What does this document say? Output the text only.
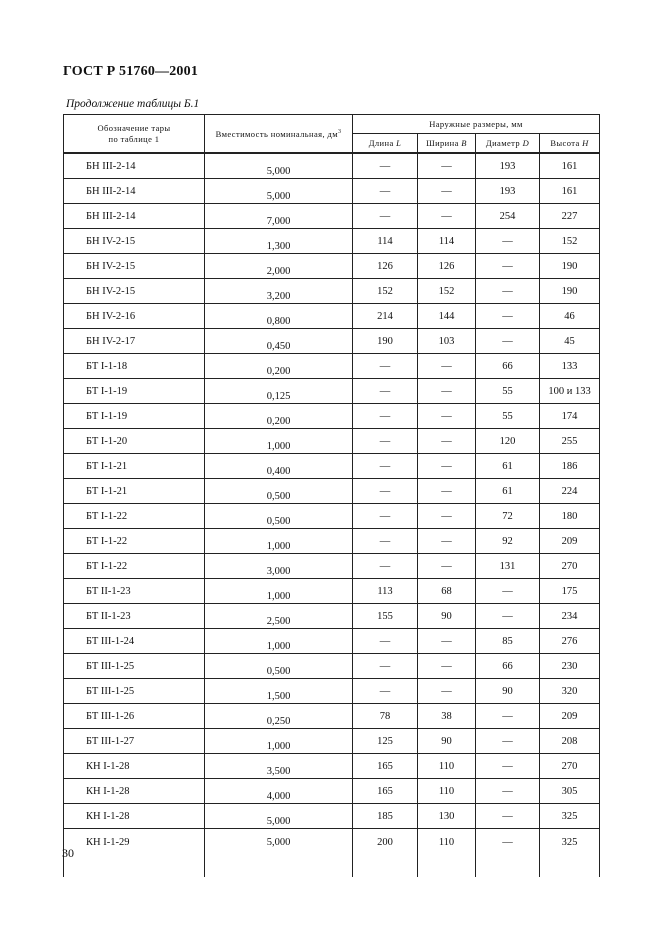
ГОСТ Р 51760—2001
Продолжение таблицы Б.1
Обозначение тары
по таблице 1	Вместимость номинальная, $дм^3$	Наружные размеры, мм			
		Длина L	Ширина B	Диаметр D	Высота H
БН III-2-14	5,000	—	—	193	161
БН III-2-14	5,000	—	—	193	161
БН III-2-14	7,000	—	—	254	227
БН IV-2-15	1,300	114	114	—	152
БН IV-2-15	2,000	126	126	—	190
БН IV-2-15	3,200	152	152	—	190
БН IV-2-16	0,800	214	144	—	46
БН IV-2-17	0,450	190	103	—	45
БТ I-1-18	0,200	—	—	66	133
БТ I-1-19	0,125	—	—	55	100 и 133
БТ I-1-19	0,200	—	—	55	174
БТ I-1-20	1,000	—	—	120	255
БТ I-1-21	0,400	—	—	61	186
БТ I-1-21	0,500	—	—	61	224
БТ I-1-22	0,500	—	—	72	180
БТ I-1-22	1,000	—	—	92	209
БТ I-1-22	3,000	—	—	131	270
БТ II-1-23	1,000	113	68	—	175
БТ II-1-23	2,500	155	90	—	234
БТ III-1-24	1,000	—	—	85	276
БТ III-1-25	0,500	—	—	66	230
БТ III-1-25	1,500	—	—	90	320
БТ III-1-26	0,250	78	38	—	209
БТ III-1-27	1,000	125	90	—	208
КН I-1-28	3,500	165	110	—	270
КН I-1-28	4,000	165	110	—	305
КН I-1-28	5,000	185	130	—	325
КН I-1-29	5,000	200	110	—	325
30
